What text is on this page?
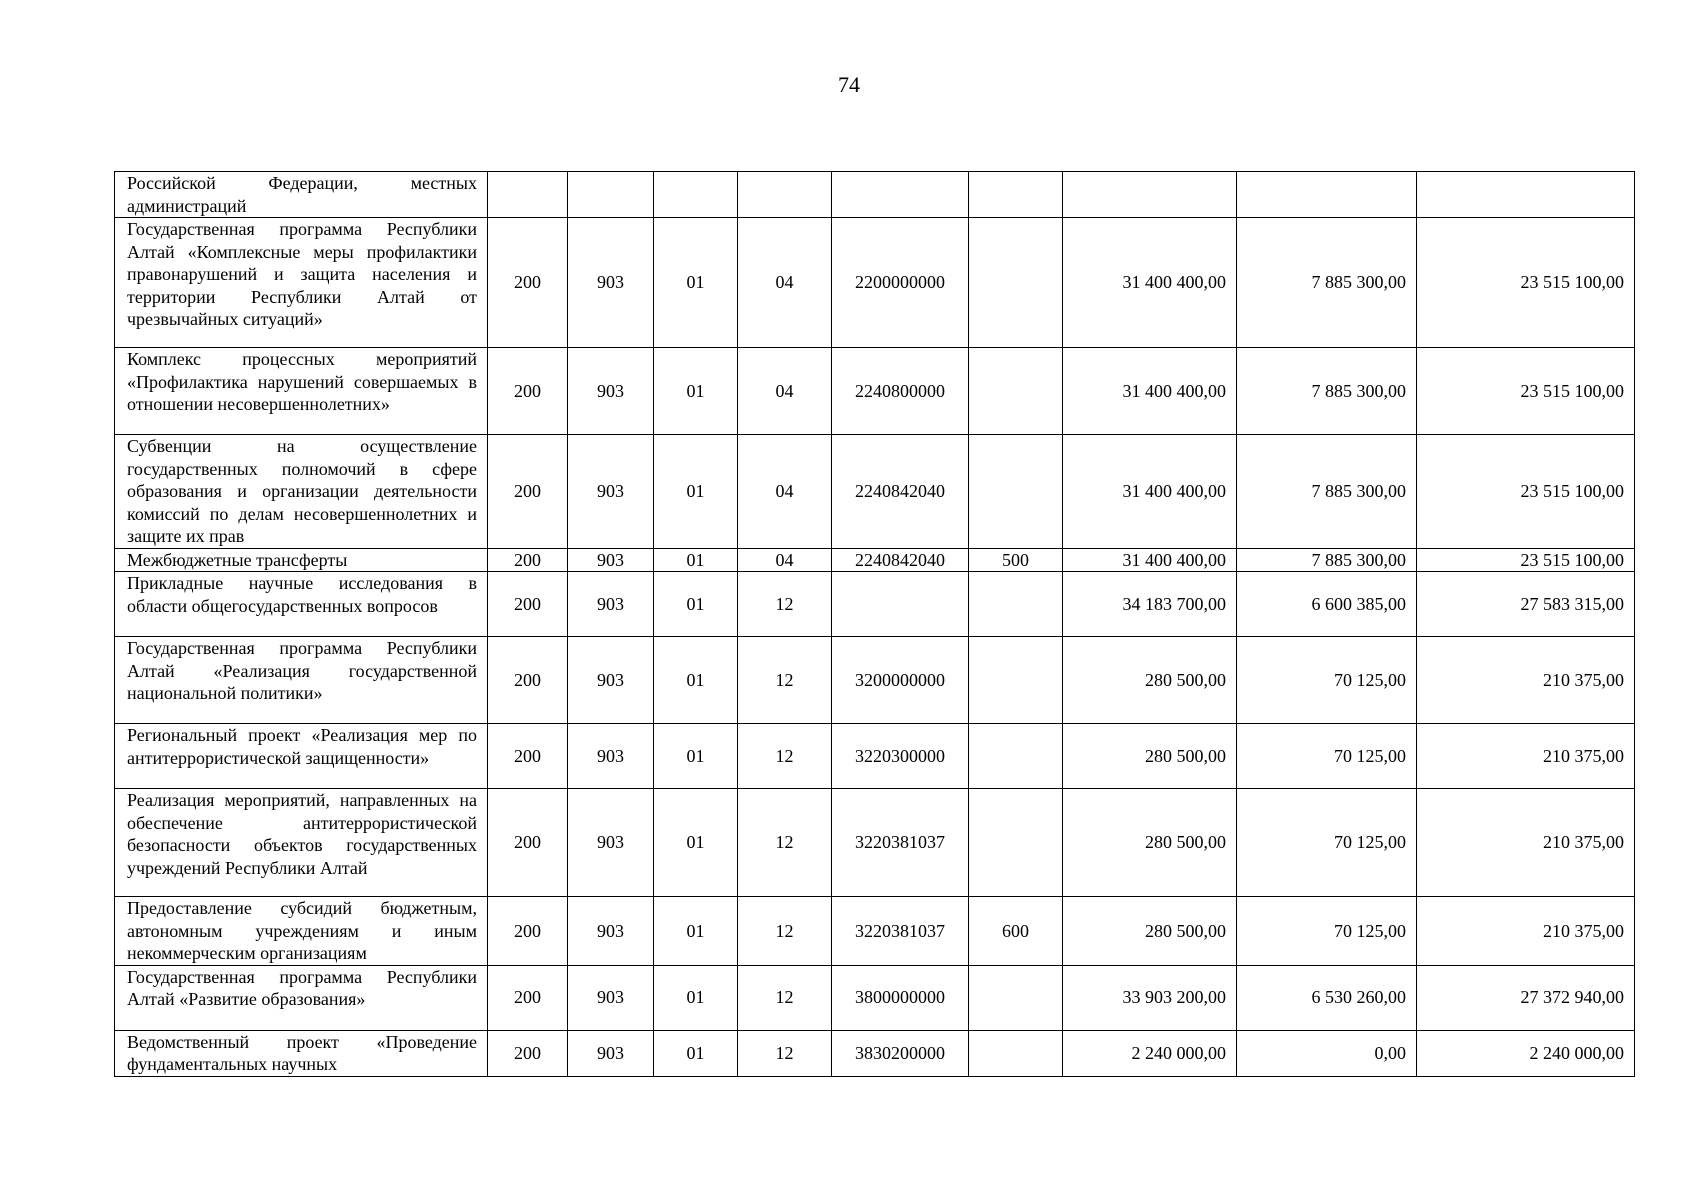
74
Российской Федерации, местных администраций									
Государственная программа Республики Алтай «Комплексные меры профилактики правонарушений и защита населения и территории Республики Алтай от чрезвычайных ситуаций»	200	903	01	04	2200000000		31 400 400,00	7 885 300,00	23 515 100,00
Комплекс процессных мероприятий «Профилактика нарушений совершаемых в отношении несовершеннолетних»	200	903	01	04	2240800000		31 400 400,00	7 885 300,00	23 515 100,00
Субвенции на осуществление государственных полномочий в сфере образования и организации деятельности комиссий по делам несовершеннолетних и защите их прав	200	903	01	04	2240842040		31 400 400,00	7 885 300,00	23 515 100,00
Межбюджетные трансферты	200	903	01	04	2240842040	500	31 400 400,00	7 885 300,00	23 515 100,00
Прикладные научные исследования в области общегосударственных вопросов	200	903	01	12			34 183 700,00	6 600 385,00	27 583 315,00
Государственная программа Республики Алтай «Реализация государственной национальной политики»	200	903	01	12	3200000000		280 500,00	70 125,00	210 375,00
Региональный проект «Реализация мер по антитеррористической защищенности»	200	903	01	12	3220300000		280 500,00	70 125,00	210 375,00
Реализация мероприятий, направленных на обеспечение антитеррористической безопасности объектов государственных учреждений Республики Алтай	200	903	01	12	3220381037		280 500,00	70 125,00	210 375,00
Предоставление субсидий бюджетным, автономным учреждениям и иным некоммерческим организациям	200	903	01	12	3220381037	600	280 500,00	70 125,00	210 375,00
Государственная программа Республики Алтай «Развитие образования»	200	903	01	12	3800000000		33 903 200,00	6 530 260,00	27 372 940,00
Ведомственный проект «Проведение фундаментальных научных	200	903	01	12	3830200000		2 240 000,00	0,00	2 240 000,00
